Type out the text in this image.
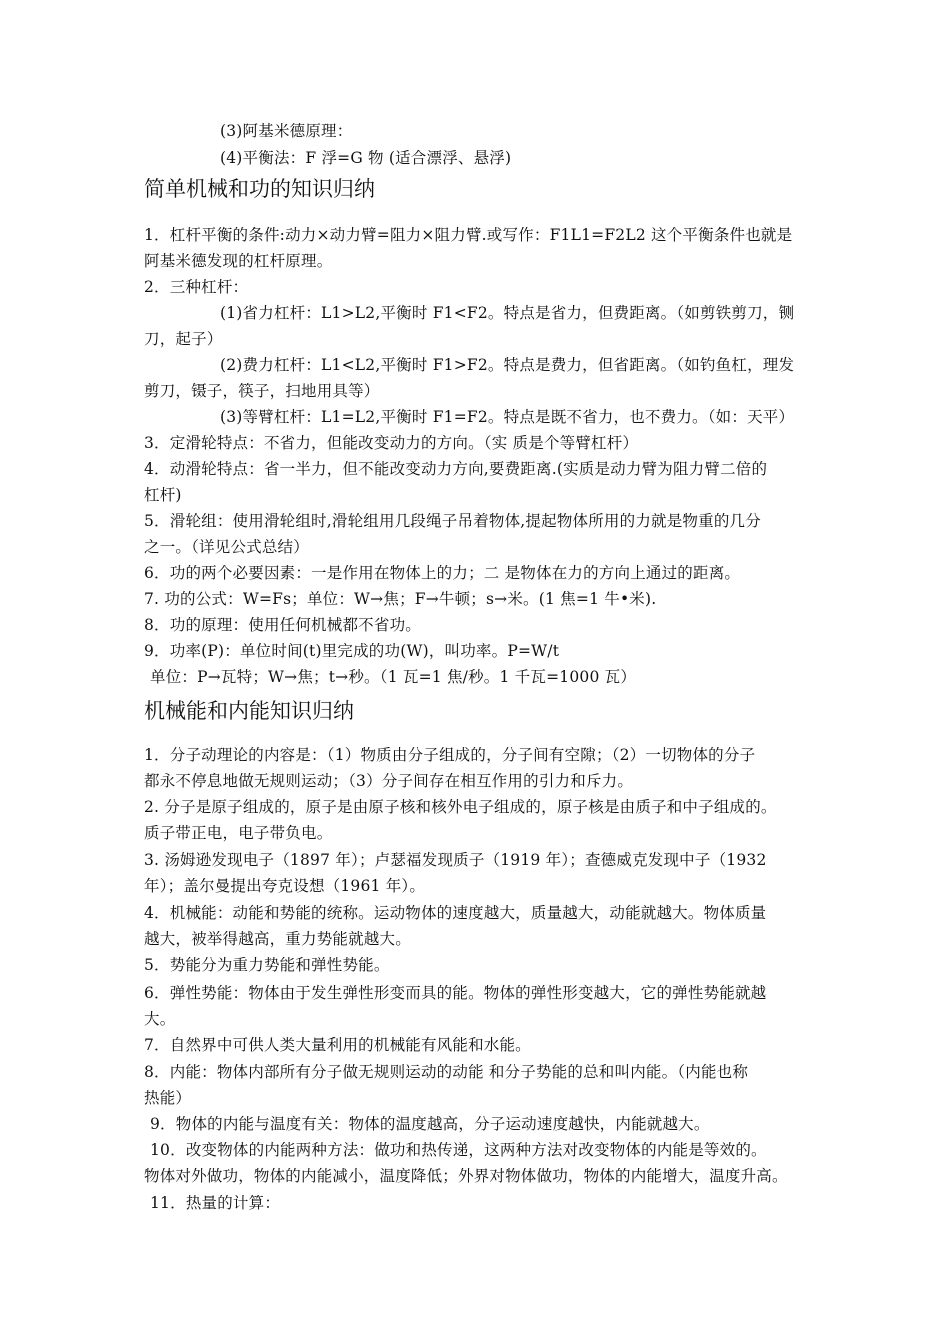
(3)阿基米德原理：
(4)平衡法：F 浮=G 物 (适合漂浮、悬浮)
简单机械和功的知识归纳
1．杠杆平衡的条件:动力×动力臂=阻力×阻力臂.或写作：F1L1=F2L2 这个平衡条件也就是
阿基米德发现的杠杆原理。
2．三种杠杆：
(1)省力杠杆：L1>L2,平衡时 F1<F2。特点是省力，但费距离。（如剪铁剪刀，铡
刀，起子）
(2)费力杠杆：L1<L2,平衡时 F1>F2。特点是费力，但省距离。（如钓鱼杠，理发
剪刀，镊子，筷子，扫地用具等）
(3)等臂杠杆：L1=L2,平衡时 F1=F2。特点是既不省力，也不费力。（如：天平）
3．定滑轮特点：不省力，但能改变动力的方向。（实 质是个等臂杠杆）
4．动滑轮特点：省一半力，但不能改变动力方向,要费距离.(实质是动力臂为阻力臂二倍的
杠杆)
5．滑轮组：使用滑轮组时,滑轮组用几段绳子吊着物体,提起物体所用的力就是物重的几分
之一。（详见公式总结）
6．功的两个必要因素：一是作用在物体上的力；二 是物体在力的方向上通过的距离。
7. 功的公式：W=Fs；单位：W→焦；F→牛顿；s→米。(1 焦=1 牛•米).
8．功的原理：使用任何机械都不省功。
9．功率(P)：单位时间(t)里完成的功(W)，叫功率。P=W/t
单位：P→瓦特；W→焦；t→秒。（1 瓦=1 焦/秒。1 千瓦=1000 瓦）
机械能和内能知识归纳
1．分子动理论的内容是：（1）物质由分子组成的，分子间有空隙；（2）一切物体的分子
都永不停息地做无规则运动；（3）分子间存在相互作用的引力和斥力。
2. 分子是原子组成的，原子是由原子核和核外电子组成的，原子核是由质子和中子组成的。
质子带正电，电子带负电。
3. 汤姆逊发现电子（1897 年）；卢瑟福发现质子（1919 年）；查德威克发现中子（1932
年）；盖尔曼提出夸克设想（1961 年）。
4．机械能：动能和势能的统称。运动物体的速度越大，质量越大，动能就越大。物体质量
越大，被举得越高，重力势能就越大。
5．势能分为重力势能和弹性势能。
6．弹性势能：物体由于发生弹性形变而具的能。物体的弹性形变越大，它的弹性势能就越
大。
7．自然界中可供人类大量利用的机械能有风能和水能。
8．内能：物体内部所有分子做无规则运动的动能 和分子势能的总和叫内能。（内能也称
热能）
9．物体的内能与温度有关：物体的温度越高，分子运动速度越快，内能就越大。
10．改变物体的内能两种方法：做功和热传递，这两种方法对改变物体的内能是等效的。
物体对外做功，物体的内能减小，温度降低；外界对物体做功，物体的内能增大，温度升高。
11．热量的计算：
